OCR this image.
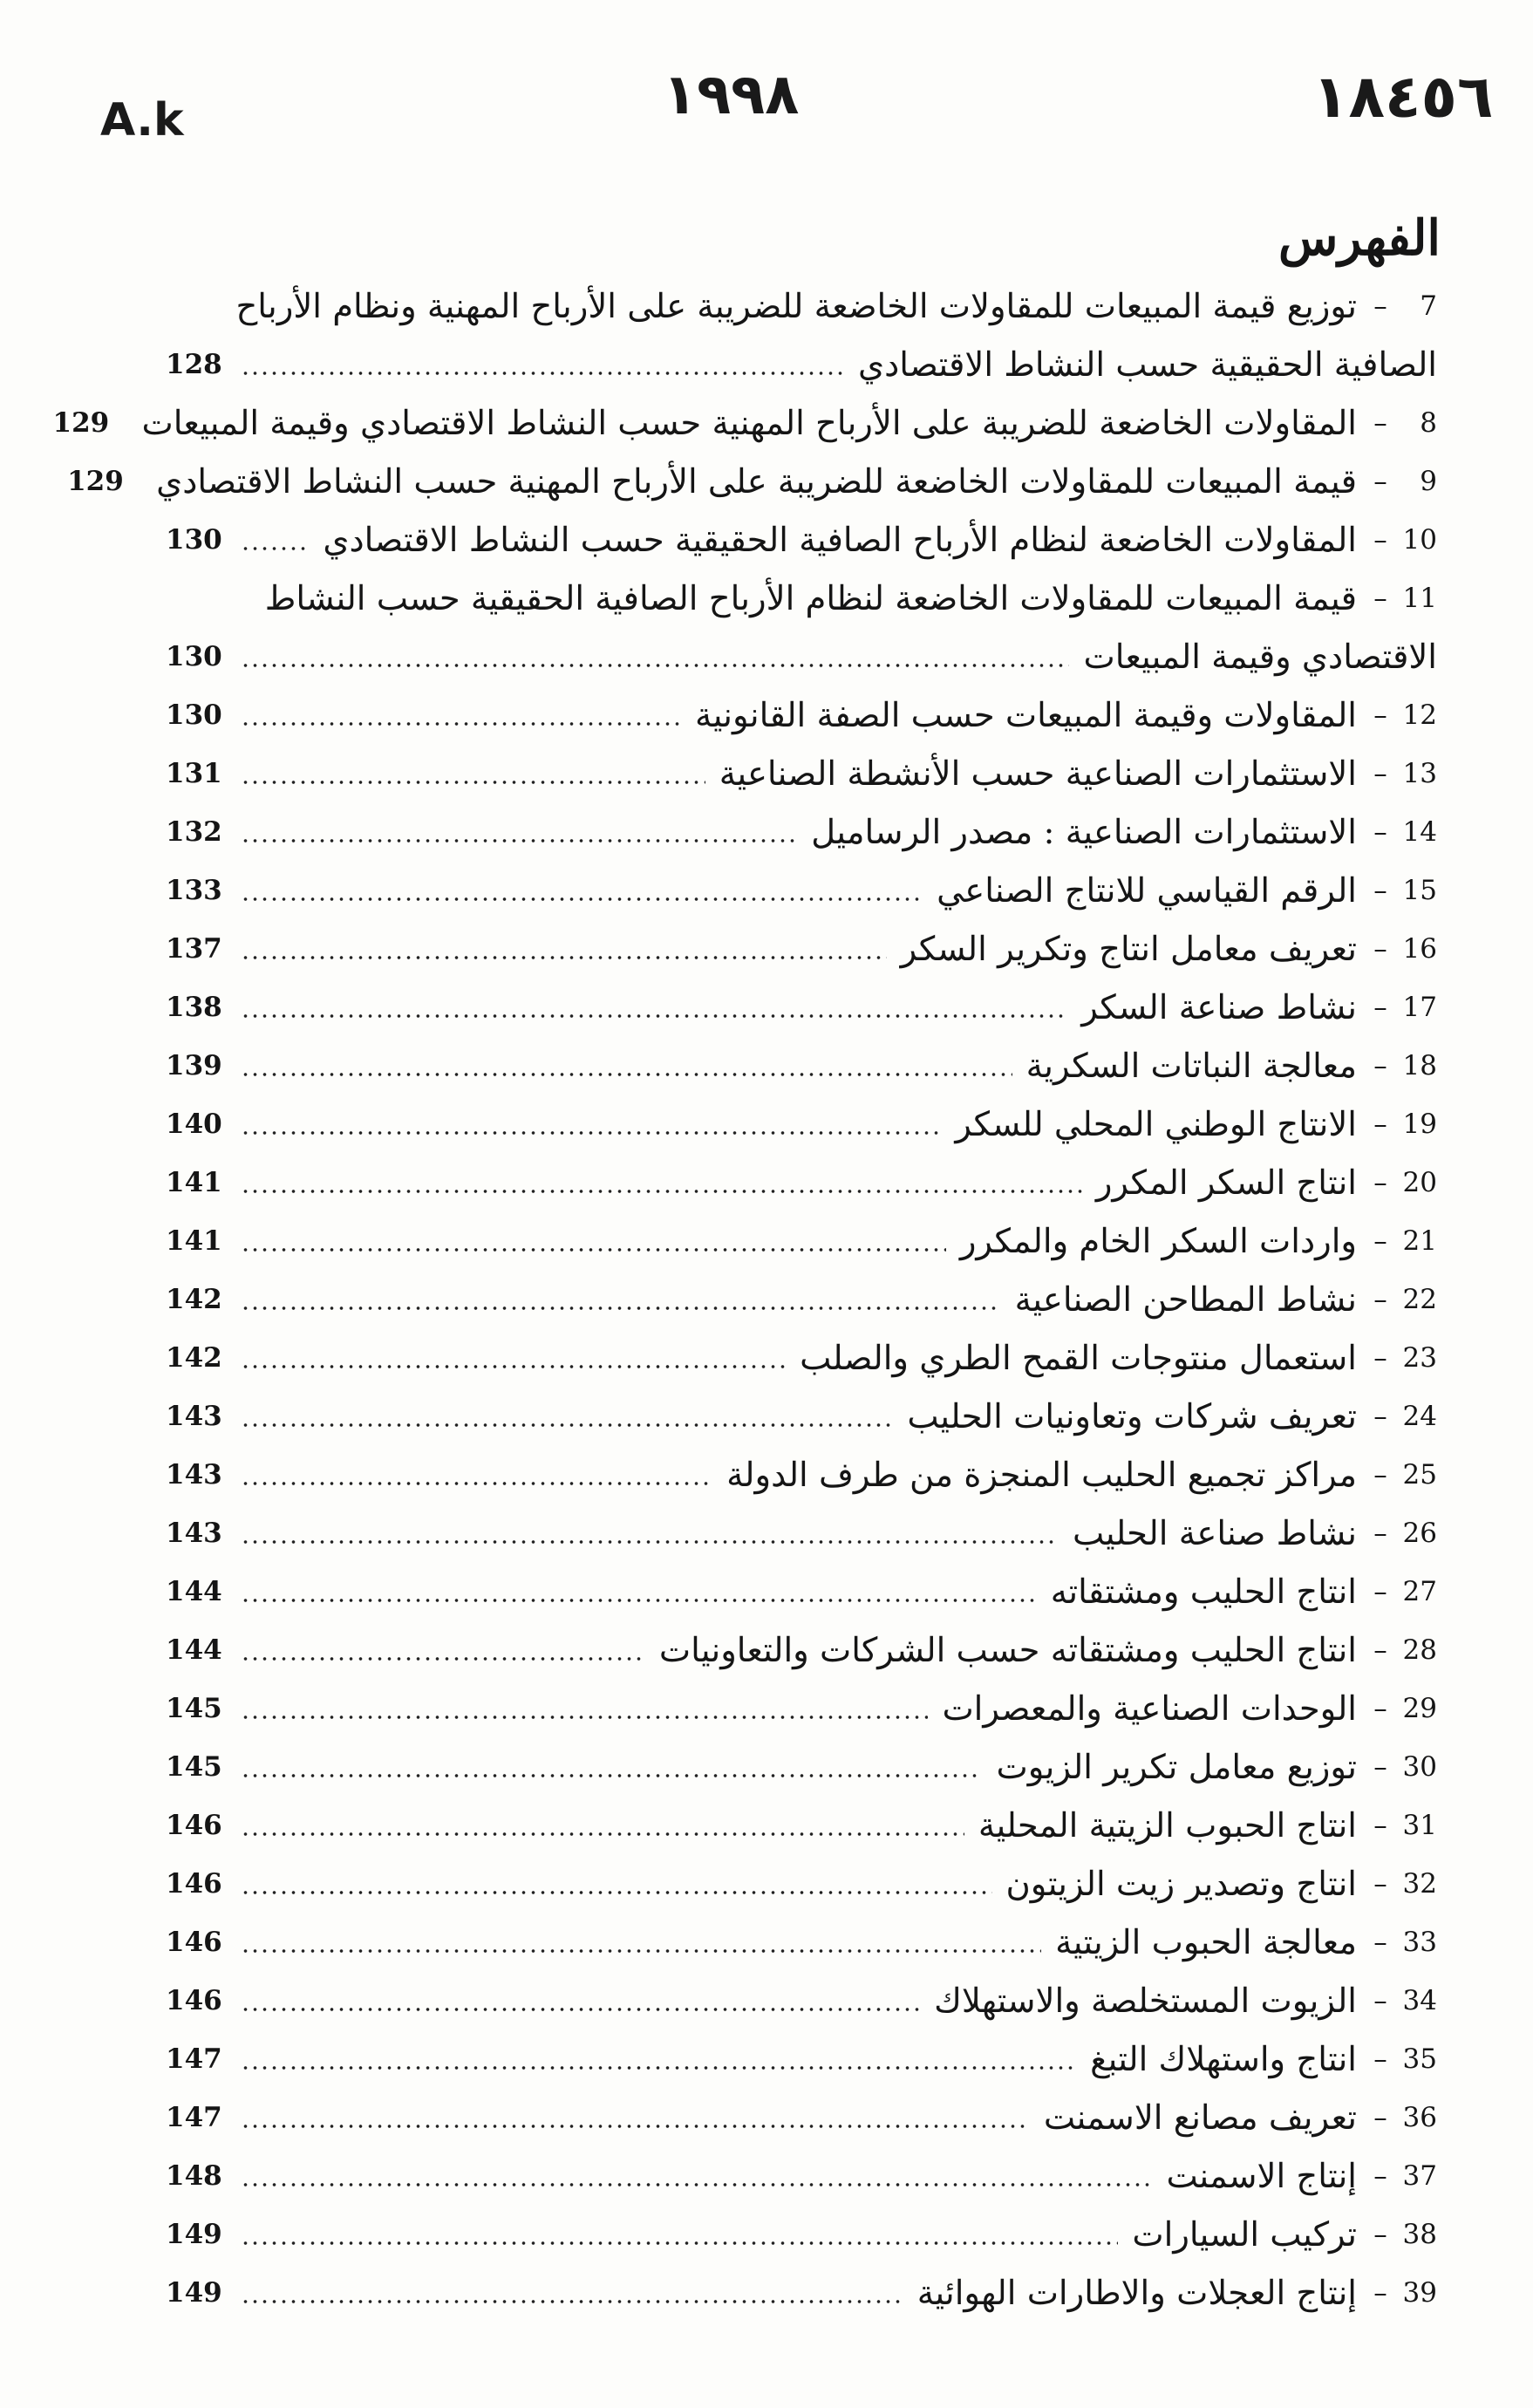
A.k	١٩٩٨	١٨٤٥٦
الفهرس
7
–
توزيع قيمة المبيعات للمقاولات الخاضعة للضريبة على الأرباح المهنية ونظام الأرباح
الصافية الحقيقية حسب النشاط الاقتصادي
128
8
–
المقاولات الخاضعة للضريبة على الأرباح المهنية حسب النشاط الاقتصادي وقيمة المبيعات
129
9
–
قيمة المبيعات للمقاولات الخاضعة للضريبة على الأرباح المهنية حسب النشاط الاقتصادي
129
10
–
المقاولات الخاضعة لنظام الأرباح الصافية الحقيقية حسب النشاط الاقتصادي
130
11
–
قيمة المبيعات للمقاولات الخاضعة لنظام الأرباح الصافية الحقيقية حسب النشاط
الاقتصادي وقيمة المبيعات
130
12
–
المقاولات وقيمة المبيعات حسب الصفة القانونية
130
13
–
الاستثمارات الصناعية حسب الأنشطة الصناعية
131
14
–
الاستثمارات الصناعية : مصدر الرساميل
132
15
–
الرقم القياسي للانتاج الصناعي
133
16
–
تعريف معامل انتاج وتكرير السكر
137
17
–
نشاط صناعة السكر
138
18
–
معالجة النباتات السكرية
139
19
–
الانتاج الوطني المحلي للسكر
140
20
–
انتاج السكر المكرر
141
21
–
واردات السكر الخام والمكرر
141
22
–
نشاط المطاحن الصناعية
142
23
–
استعمال منتوجات القمح الطري والصلب
142
24
–
تعريف شركات وتعاونيات الحليب
143
25
–
مراكز تجميع الحليب المنجزة من طرف الدولة
143
26
–
نشاط صناعة الحليب
143
27
–
انتاج الحليب ومشتقاته
144
28
–
انتاج الحليب ومشتقاته حسب الشركات والتعاونيات
144
29
–
الوحدات الصناعية والمعصرات
145
30
–
توزيع معامل تكرير الزيوت
145
31
–
انتاج الحبوب الزيتية المحلية
146
32
–
انتاج وتصدير زيت الزيتون
146
33
–
معالجة الحبوب الزيتية
146
34
–
الزيوت المستخلصة والاستهلاك
146
35
–
انتاج واستهلاك التبغ
147
36
–
تعريف مصانع الاسمنت
147
37
–
إنتاج الاسمنت
148
38
–
تركيب السيارات
149
39
–
إنتاج العجلات والاطارات الهوائية
149
